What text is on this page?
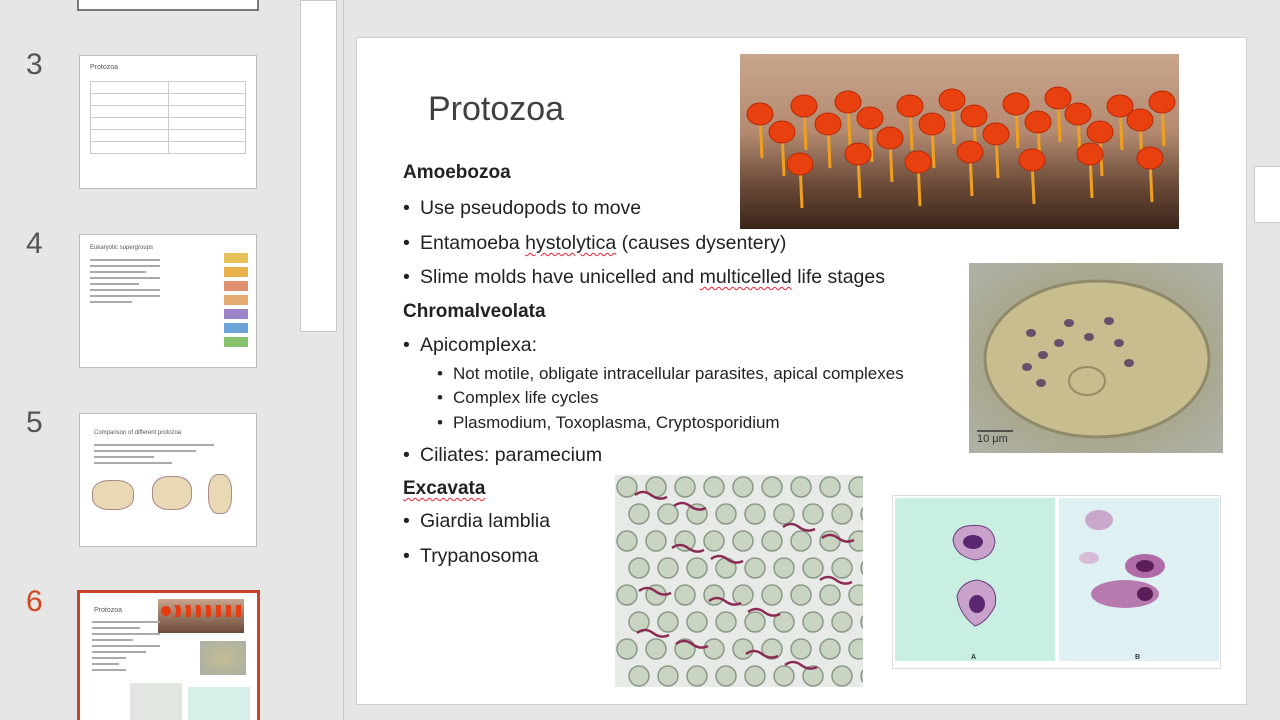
3	Protozoa

4	Eukaryotic supergroups
5	Comparison of different protozoa
6	Protozoa
Protozoa
Amoebozoa
• Use pseudopods to move
• Entamoeba hystolytica (causes dysentery)
• Slime molds have unicelled and multicelled life stages
Chromalveolata
• Apicomplexa:
• Not motile, obligate intracellular parasites, apical complexes
• Complex life cycles
• Plasmodium, Toxoplasma, Cryptosporidium
• Ciliates: paramecium
Excavata
• Giardia lamblia
• Trypanosoma
10 µm
A	B
